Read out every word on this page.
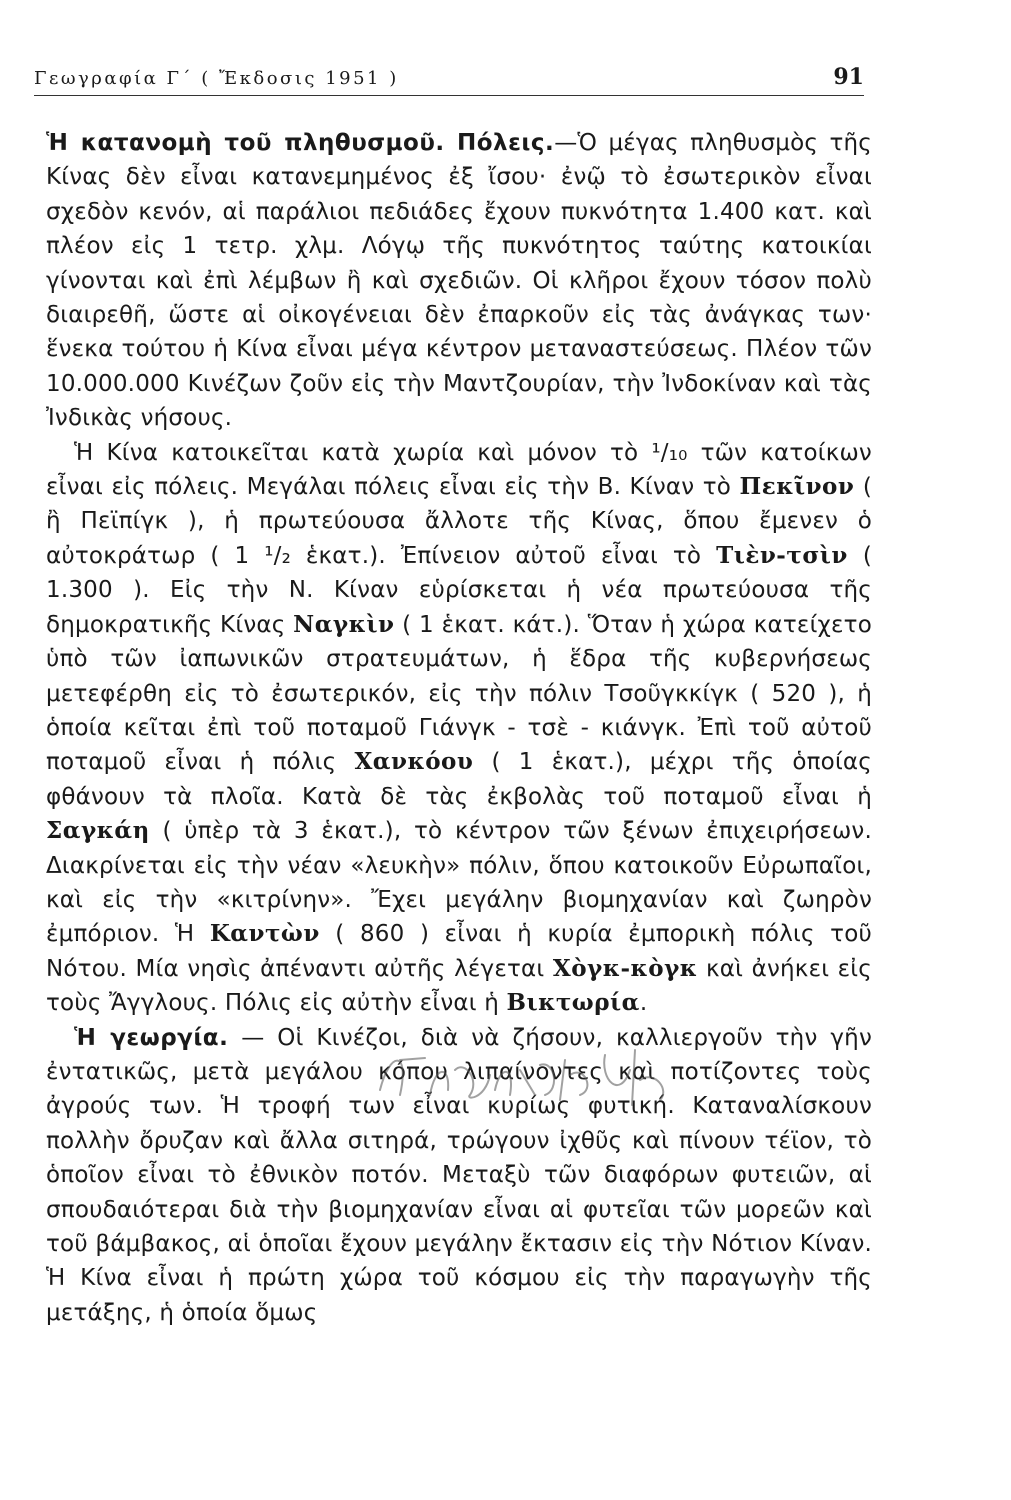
Γεωγραφία Γ΄ ( Ἔκδοσις 1951 )	91

Ἡ κατανομὴ τοῦ πληθυσμοῦ. Πόλεις.—Ὁ μέγας πληθυσμὸς τῆς Κίνας δὲν εἶναι κατανεμημένος ἐξ ἴσου· ἐνῷ τὸ ἐσωτερικὸν εἶναι σχεδὸν κενόν, αἱ παράλιοι πεδιάδες ἔχουν πυκνότητα 1.400 κατ. καὶ πλέον εἰς 1 τετρ. χλμ. Λόγῳ τῆς πυκνότητος ταύτης κατοικίαι γίνονται καὶ ἐπὶ λέμβων ἢ καὶ σχεδιῶν. Οἱ κλῆροι ἔχουν τόσον πολὺ διαιρεθῆ, ὥστε αἱ οἰκογένειαι δὲν ἐπαρκοῦν εἰς τὰς ἀνάγκας των· ἕνεκα τούτου ἡ Κίνα εἶναι μέγα κέντρον μεταναστεύσεως. Πλέον τῶν 10.000.000 Κινέζων ζοῦν εἰς τὴν Μαντζουρίαν, τὴν Ἰνδοκίναν καὶ τὰς Ἰνδικὰς νήσους.

Ἡ Κίνα κατοικεῖται κατὰ χωρία καὶ μόνον τὸ ¹/₁₀ τῶν κατοίκων εἶναι εἰς πόλεις. Μεγάλαι πόλεις εἶναι εἰς τὴν Β. Κίναν τὸ Πεκῖνον ( ἢ Πεϊπίγκ ), ἡ πρωτεύουσα ἄλλοτε τῆς Κίνας, ὅπου ἔμενεν ὁ αὐτοκράτωρ ( 1 ¹/₂ ἑκατ.). Ἐπίνειον αὐτοῦ εἶναι τὸ Τιὲν-τσὶν ( 1.300 ). Εἰς τὴν Ν. Κίναν εὑρίσκεται ἡ νέα πρωτεύουσα τῆς δημοκρατικῆς Κίνας Ναγκὶν ( 1 ἑκατ. κάτ.). Ὅταν ἡ χώρα κατείχετο ὑπὸ τῶν ἰαπωνικῶν στρατευμάτων, ἡ ἕδρα τῆς κυβερνήσεως μετεφέρθη εἰς τὸ ἐσωτερικόν, εἰς τὴν πόλιν Τσοῦγκκίγκ ( 520 ), ἡ ὁποία κεῖται ἐπὶ τοῦ ποταμοῦ Γιάνγκ - τσὲ - κιάνγκ. Ἐπὶ τοῦ αὐτοῦ ποταμοῦ εἶναι ἡ πόλις Χανκόου ( 1 ἑκατ.), μέχρι τῆς ὁποίας φθάνουν τὰ πλοῖα. Κατὰ δὲ τὰς ἐκβολὰς τοῦ ποταμοῦ εἶναι ἡ Σαγκάη ( ὑπὲρ τὰ 3 ἑκατ.), τὸ κέντρον τῶν ξένων ἐπιχειρήσεων. Διακρίνεται εἰς τὴν νέαν «λευκὴν» πόλιν, ὅπου κατοικοῦν Εὐρωπαῖοι, καὶ εἰς τὴν «κιτρίνην». Ἔχει μεγάλην βιομηχανίαν καὶ ζωηρὸν ἐμπόριον. Ἡ Καντὼν ( 860 ) εἶναι ἡ κυρία ἐμπορικὴ πόλις τοῦ Νότου. Μία νησὶς ἀπέναντι αὐτῆς λέγεται Χὸγκ-κὸγκ καὶ ἀνήκει εἰς τοὺς Ἄγγλους. Πόλις εἰς αὐτὴν εἶναι ἡ Βικτωρία.

Ἡ γεωργία. — Οἱ Κινέζοι, διὰ νὰ ζήσουν, καλλιεργοῦν τὴν γῆν ἐντατικῶς, μετὰ μεγάλου κόπου λιπαίνοντες καὶ ποτίζοντες τοὺς ἀγρούς των. Ἡ τροφή των εἶναι κυρίως φυτική. Καταναλίσκουν πολλὴν ὄρυζαν καὶ ἄλλα σιτηρά, τρώγουν ἰχθῦς καὶ πίνουν τέϊον, τὸ ὁποῖον εἶναι τὸ ἐθνικὸν ποτόν. Μεταξὺ τῶν διαφόρων φυτειῶν, αἱ σπουδαιότεραι διὰ τὴν βιομηχανίαν εἶναι αἱ φυτεῖαι τῶν μορεῶν καὶ τοῦ βάμβακος, αἱ ὁποῖαι ἔχουν μεγάλην ἔκτασιν εἰς τὴν Νότιον Κίναν. Ἡ Κίνα εἶναι ἡ πρώτη χώρα τοῦ κόσμου εἰς τὴν παραγωγὴν τῆς μετάξης, ἡ ὁποία ὅμως
